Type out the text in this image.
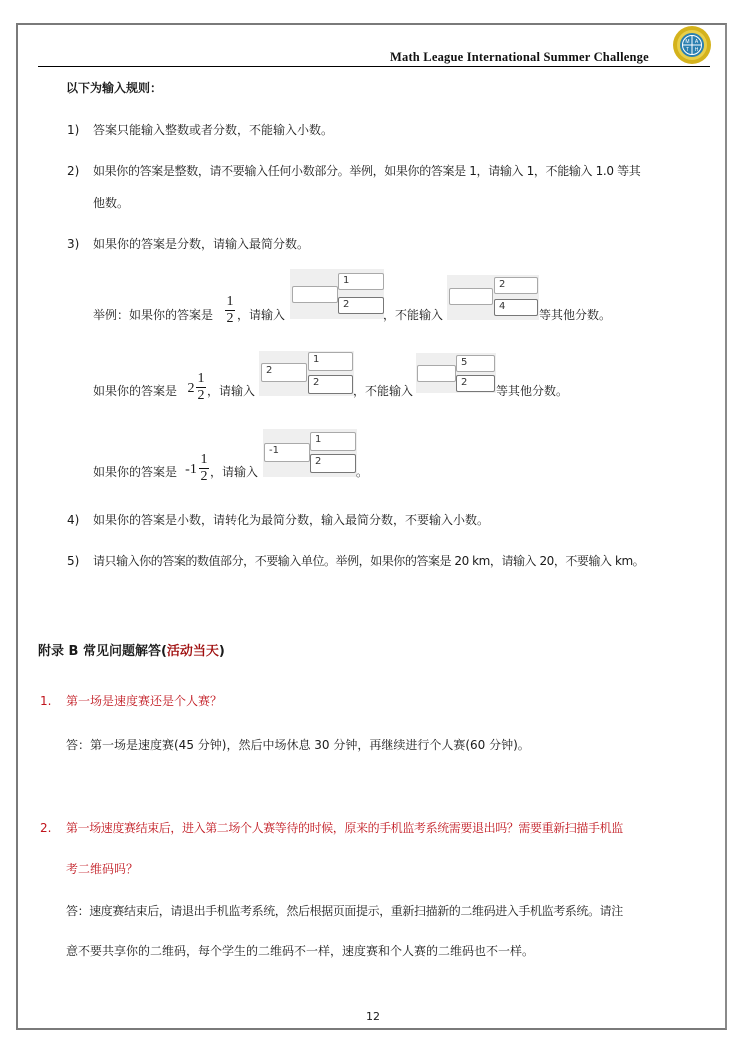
Math League International Summer Challenge
M A
T H
以下为输入规则：
1) 答案只能输入整数或者分数，不能输入小数。
2) 如果你的答案是整数，请不要输入任何小数部分。举例，如果你的答案是 1，请输入 1，不能输入 1.0 等其
他数。
3) 如果你的答案是分数，请输入最简分数。
举例：如果你的答案是
1
2 ，请输入 $\frac{1}{2}$ ，不能输入 $\frac{2}{4}$ 等其他分数。
如果你的答案是 2
1
2 ，请输入
2
1
2
，不能输入 $\frac{5}{2}$ 等其他分数。
如果你的答案是 -1
1
2 ，请输入
-1
1
2
。
4) 如果你的答案是小数，请转化为最简分数，输入最简分数，不要输入小数。
5) 请只输入你的答案的数值部分，不要输入单位。举例，如果你的答案是 20 km，请输入 20，不要输入 km。
附录 B 常见问题解答(活动当天)
1. 第一场是速度赛还是个人赛？
答：第一场是速度赛(45 分钟)，然后中场休息 30 分钟，再继续进行个人赛(60 分钟)。
2. 第一场速度赛结束后，进入第二场个人赛等待的时候，原来的手机监考系统需要退出吗？需要重新扫描手机监
考二维码吗？
答：速度赛结束后，请退出手机监考系统，然后根据页面提示，重新扫描新的二维码进入手机监考系统。请注
意不要共享你的二维码，每个学生的二维码不一样，速度赛和个人赛的二维码也不一样。
12
